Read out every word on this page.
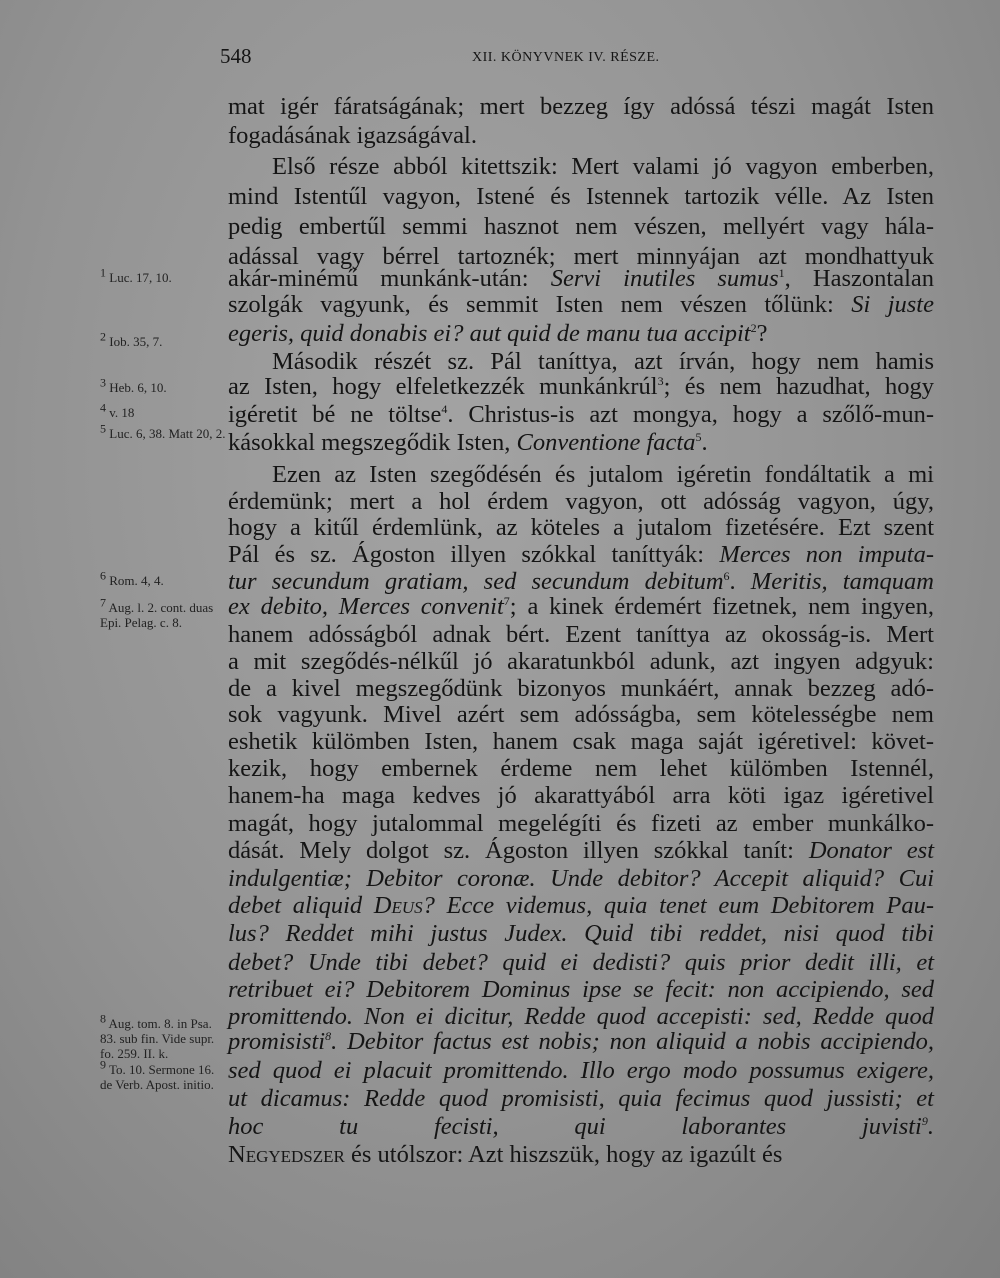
548	XII. KÖNYVNEK IV. RÉSZE.
mat igér fáratságának; mert bezzeg így adóssá tészi magát Isten
fogadásának igazságával.
Első része abból kitettszik: Mert valami jó vagyon emberben,
mind Istentűl vagyon, Istené és Istennek tartozik vélle. Az Isten
pedig embertűl semmi hasznot nem vészen, mellyért vagy hála-
adással vagy bérrel tartoznék; mert minnyájan azt mondhattyuk
akár-minémű munkánk-után: Servi inutiles sumus$^1$, Haszontalan
szolgák vagyunk, és semmit Isten nem vészen tőlünk: Si juste
egeris, quid donabis ei? aut quid de manu tua accipit$^2$?
Második részét sz. Pál taníttya, azt írván, hogy nem hamis
az Isten, hogy elfeletkezzék munkánkrúl$^3$; és nem hazudhat, hogy
igéretit bé ne töltse$^4$. Christus-is azt mongya, hogy a szőlő-mun-
kásokkal megszegődik Isten, Conventione facta$^5$.
Ezen az Isten szegődésén és jutalom igéretin fondáltatik a mi
érdemünk; mert a hol érdem vagyon, ott adósság vagyon, úgy,
hogy a kitűl érdemlünk, az köteles a jutalom fizetésére. Ezt szent
Pál és sz. Ágoston illyen szókkal taníttyák: Merces non imputa-
tur secundum gratiam, sed secundum debitum$^6$. Meritis, tamquam
ex debito, Merces convenit$^7$; a kinek érdemért fizetnek, nem ingyen,
hanem adósságból adnak bért. Ezent taníttya az okosság-is. Mert
a mit szegődés-nélkűl jó akaratunkból adunk, azt ingyen adgyuk:
de a kivel megszegődünk bizonyos munkáért, annak bezzeg adó-
sok vagyunk. Mivel azért sem adósságba, sem kötelességbe nem
eshetik külömben Isten, hanem csak maga saját igéretivel: követ-
kezik, hogy embernek érdeme nem lehet külömben Istennél,
hanem-ha maga kedves jó akarattyából arra köti igaz igéretivel
magát, hogy jutalommal megelégíti és fizeti az ember munkálko-
dását. Mely dolgot sz. Ágoston illyen szókkal tanít: Donator est
indulgentiæ; Debitor coronæ. Unde debitor? Accepit aliquid? Cui
debet aliquid Deus? Ecce videmus, quia tenet eum Debitorem Pau-
lus? Reddet mihi justus Judex. Quid tibi reddet, nisi quod tibi
debet? Unde tibi debet? quid ei dedisti? quis prior dedit illi, et
retribuet ei? Debitorem Dominus ipse se fecit: non accipiendo, sed
promittendo. Non ei dicitur, Redde quod accepisti: sed, Redde quod
promisisti$^8$. Debitor factus est nobis; non aliquid a nobis accipiendo,
sed quod ei placuit promittendo. Illo ergo modo possumus exigere,
ut dicamus: Redde quod promisisti, quia fecimus quod jussisti; et
hoc tu fecisti, qui laborantes juvisti$^9$.
Negyedszer és utólszor: Azt hiszszük, hogy az igazúlt és
$^1$ Luc. 17, 10.
$^2$ Iob. 35, 7.
$^3$ Heb. 6, 10.
$^4$ v. 18
$^5$ Luc. 6, 38. Matt 20, 2.
$^6$ Rom. 4, 4.
$^7$ Aug. l. 2. cont. duas Epi. Pelag. c. 8.
$^8$ Aug. tom. 8. in Psa. 83. sub fin. Vide supr. fo. 259. II. k.
$^9$ To. 10. Sermone 16. de Verb. Apost. initio.
